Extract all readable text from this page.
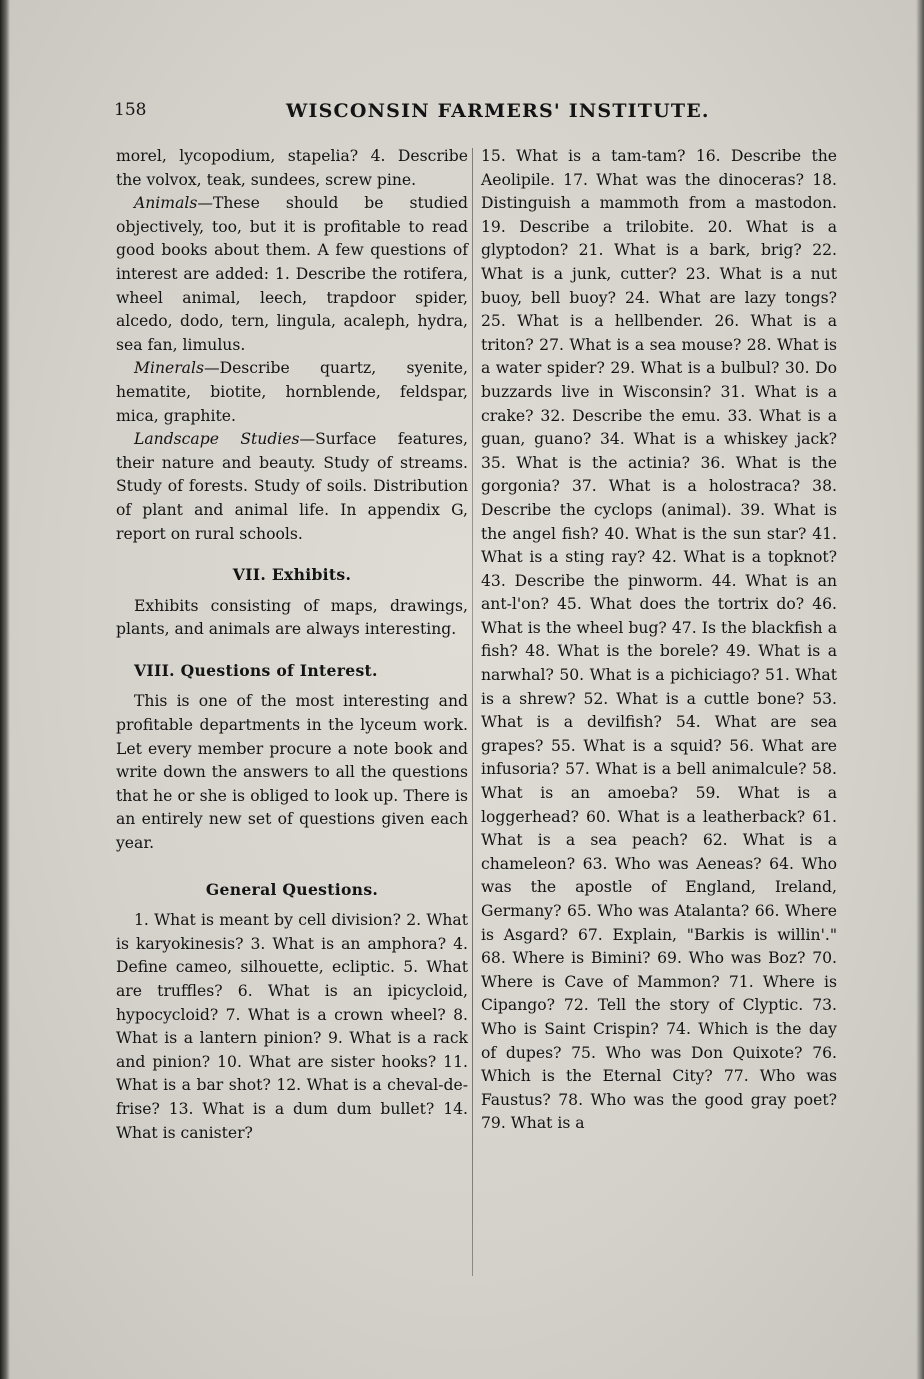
158	WISCONSIN FARMERS' INSTITUTE.

morel, lycopodium, stapelia? 4. Describe the volvox, teak, sundees, screw pine.

Animals—These should be studied objectively, too, but it is profitable to read good books about them. A few questions of interest are added: 1. Describe the rotifera, wheel animal, leech, trapdoor spider, alcedo, dodo, tern, lingula, acaleph, hydra, sea fan, limulus.

Minerals—Describe quartz, syenite, hematite, biotite, hornblende, feldspar, mica, graphite.

Landscape Studies—Surface features, their nature and beauty. Study of streams. Study of forests. Study of soils. Distribution of plant and animal life. In appendix G, report on rural schools.

VII. Exhibits.

Exhibits consisting of maps, drawings, plants, and animals are always interesting.

VIII. Questions of Interest.

This is one of the most interesting and profitable departments in the lyceum work. Let every member procure a note book and write down the answers to all the questions that he or she is obliged to look up. There is an entirely new set of questions given each year.

General Questions.

1. What is meant by cell division? 2. What is karyokinesis? 3. What is an amphora? 4. Define cameo, silhouette, ecliptic. 5. What are truffles? 6. What is an ipicycloid, hypocycloid? 7. What is a crown wheel? 8. What is a lantern pinion? 9. What is a rack and pinion? 10. What are sister hooks? 11. What is a bar shot? 12. What is a cheval-de-frise? 13. What is a dum dum bullet? 14. What is canister?

15. What is a tam-tam? 16. Describe the Aeolipile. 17. What was the dinoceras? 18. Distinguish a mammoth from a mastodon. 19. Describe a trilobite. 20. What is a glyptodon? 21. What is a bark, brig? 22. What is a junk, cutter? 23. What is a nut buoy, bell buoy? 24. What are lazy tongs? 25. What is a hellbender. 26. What is a triton? 27. What is a sea mouse? 28. What is a water spider? 29. What is a bulbul? 30. Do buzzards live in Wisconsin? 31. What is a crake? 32. Describe the emu. 33. What is a guan, guano? 34. What is a whiskey jack? 35. What is the actinia? 36. What is the gorgonia? 37. What is a holostraca? 38. Describe the cyclops (animal). 39. What is the angel fish? 40. What is the sun star? 41. What is a sting ray? 42. What is a topknot? 43. Describe the pinworm. 44. What is an ant-l'on? 45. What does the tortrix do? 46. What is the wheel bug? 47. Is the blackfish a fish? 48. What is the borele? 49. What is a narwhal? 50. What is a pichiciago? 51. What is a shrew? 52. What is a cuttle bone? 53. What is a devilfish? 54. What are sea grapes? 55. What is a squid? 56. What are infusoria? 57. What is a bell animalcule? 58. What is an amoeba? 59. What is a loggerhead? 60. What is a leatherback? 61. What is a sea peach? 62. What is a chameleon? 63. Who was Aeneas? 64. Who was the apostle of England, Ireland, Germany? 65. Who was Atalanta? 66. Where is Asgard? 67. Explain, "Barkis is willin'." 68. Where is Bimini? 69. Who was Boz? 70. Where is Cave of Mammon? 71. Where is Cipango? 72. Tell the story of Clyptic. 73. Who is Saint Crispin? 74. Which is the day of dupes? 75. Who was Don Quixote? 76. Which is the Eternal City? 77. Who was Faustus? 78. Who was the good gray poet? 79. What is a
